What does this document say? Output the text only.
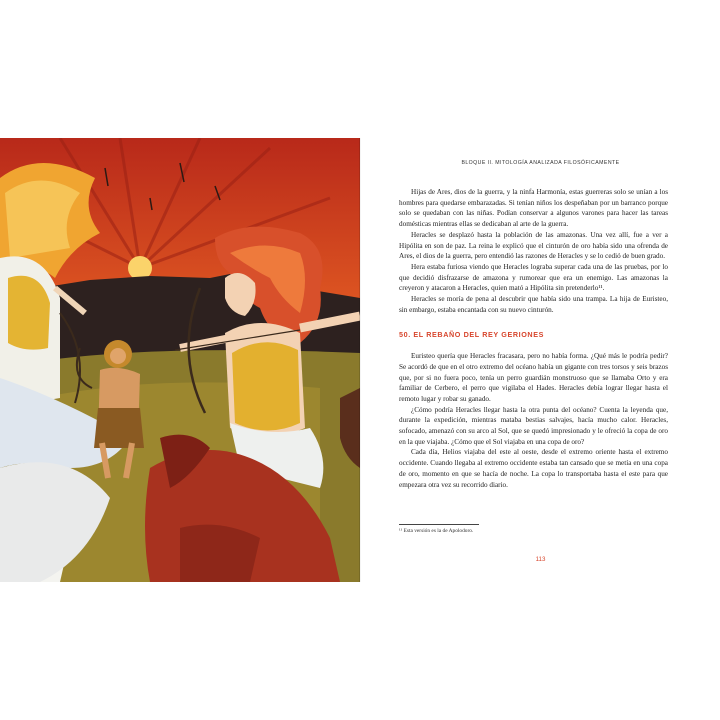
BLOQUE II. MITOLOGÍA ANALIZADA FILOSÓFICAMENTE

Hijas de Ares, dios de la guerra, y la ninfa Harmonía, estas guerreras solo se unían a los hombres para quedarse embarazadas. Si tenían niños los despeñaban por un barranco porque solo se quedaban con las niñas. Podían conservar a algunos varones para hacer las tareas domésticas mientras ellas se dedicaban al arte de la guerra.

Heracles se desplazó hasta la población de las amazonas. Una vez allí, fue a ver a Hipólita en son de paz. La reina le explicó que el cinturón de oro había sido una ofrenda de Ares, el dios de la guerra, pero entendió las razones de Heracles y se lo cedió de buen grado.

Hera estaba furiosa viendo que Heracles lograba superar cada una de las pruebas, por lo que decidió disfrazarse de amazona y rumorear que era un enemigo. Las amazonas la creyeron y atacaron a Heracles, quien mató a Hipólita sin pretenderlo¹¹.

Heracles se moría de pena al descubrir que había sido una trampa. La hija de Euristeo, sin embargo, estaba encantada con su nuevo cinturón.

50. EL REBAÑO DEL REY GERIONES

Euristeo quería que Heracles fracasara, pero no había forma. ¿Qué más le podría pedir? Se acordó de que en el otro extremo del océano había un gigante con tres torsos y seis brazos que, por si no fuera poco, tenía un perro guardián monstruoso que se llamaba Orto y era familiar de Cerbero, el perro que vigilaba el Hades. Heracles debía lograr llegar hasta el remoto lugar y robar su ganado.

¿Cómo podría Heracles llegar hasta la otra punta del océano? Cuenta la leyenda que, durante la expedición, mientras mataba bestias salvajes, hacía mucho calor. Heracles, sofocado, amenazó con su arco al Sol, que se quedó impresionado y le ofreció la copa de oro en la que viajaba. ¿Cómo que el Sol viajaba en una copa de oro?

Cada día, Helios viajaba del este al oeste, desde el extremo oriente hasta el extremo occidente. Cuando llegaba al extremo occidente estaba tan cansado que se metía en una copa de oro, momento en que se hacía de noche. La copa lo transportaba hasta el este para que empezara otra vez su recorrido diario.

¹¹ Esta versión es la de Apolodoro.
113
